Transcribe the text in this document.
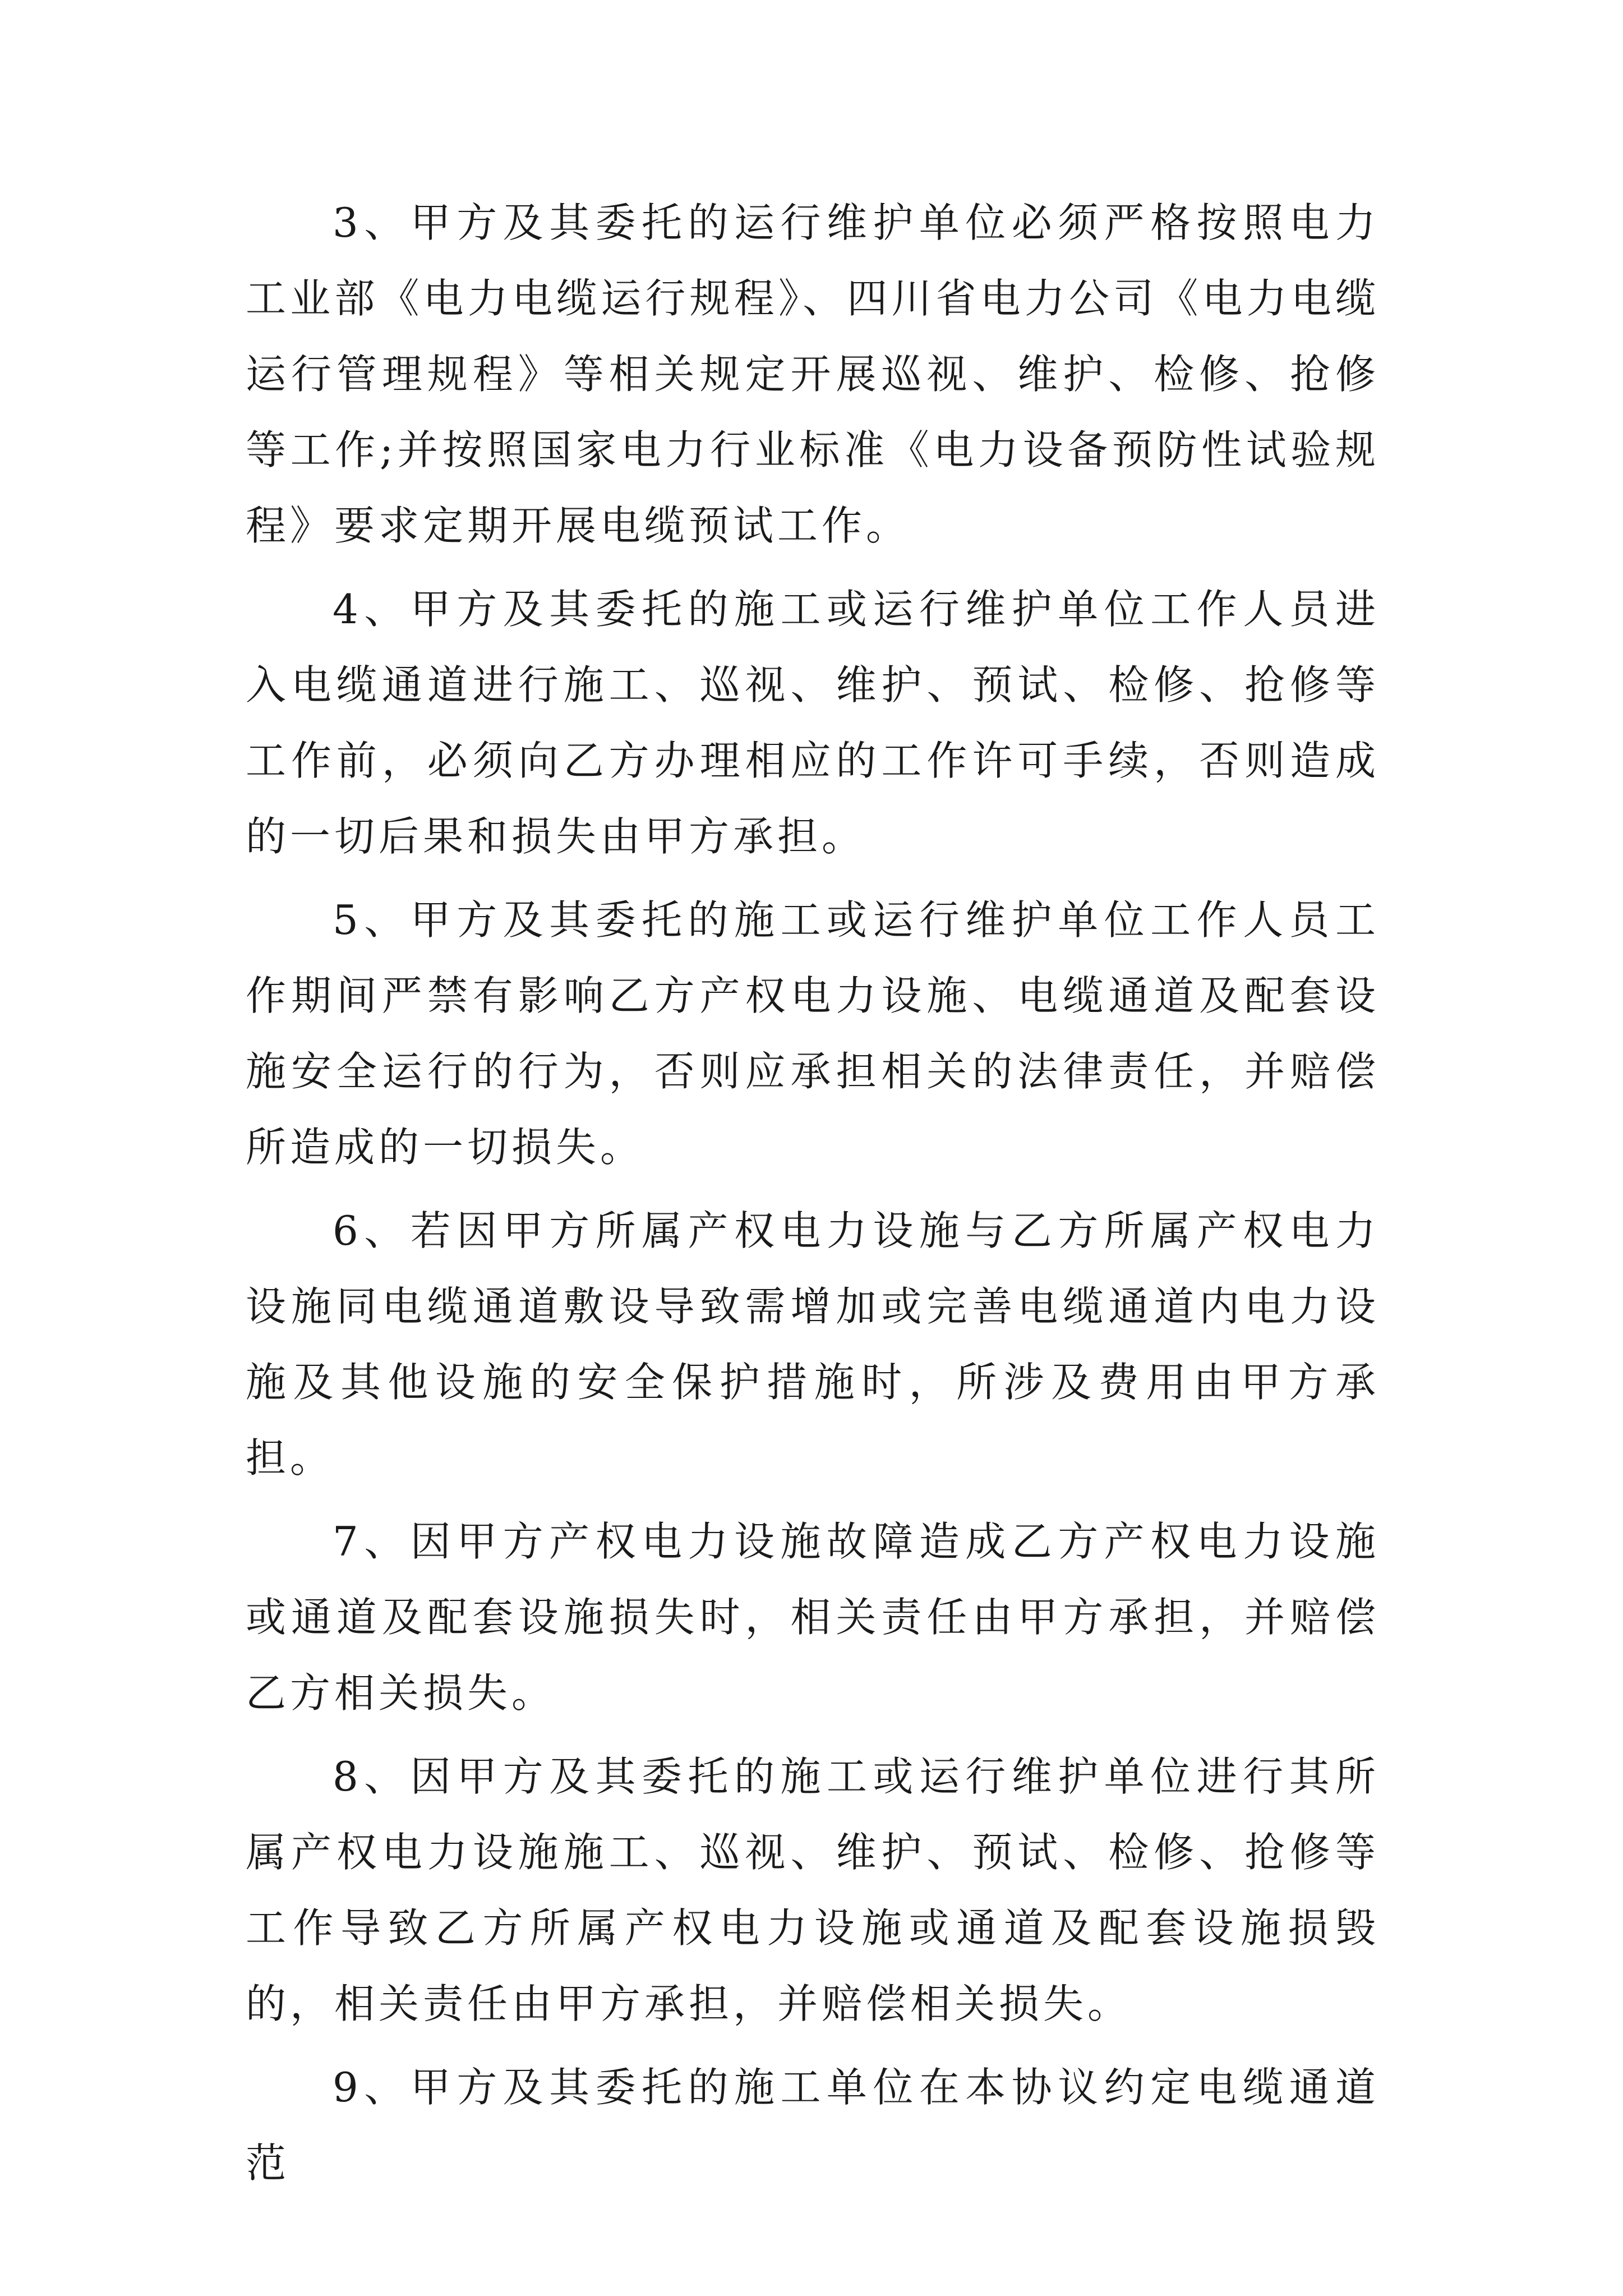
3、甲方及其委托的运行维护单位必须严格按照电力工业部《电力电缆运行规程》、四川省电力公司《电力电缆运行管理规程》等相关规定开展巡视、维护、检修、抢修等工作;并按照国家电力行业标准《电力设备预防性试验规程》要求定期开展电缆预试工作。

4、甲方及其委托的施工或运行维护单位工作人员进入电缆通道进行施工、巡视、维护、预试、检修、抢修等工作前，必须向乙方办理相应的工作许可手续，否则造成的一切后果和损失由甲方承担。

5、甲方及其委托的施工或运行维护单位工作人员工作期间严禁有影响乙方产权电力设施、电缆通道及配套设施安全运行的行为，否则应承担相关的法律责任，并赔偿所造成的一切损失。

6、若因甲方所属产权电力设施与乙方所属产权电力设施同电缆通道敷设导致需增加或完善电缆通道内电力设施及其他设施的安全保护措施时，所涉及费用由甲方承担。

7、因甲方产权电力设施故障造成乙方产权电力设施或通道及配套设施损失时，相关责任由甲方承担，并赔偿乙方相关损失。

8、因甲方及其委托的施工或运行维护单位进行其所属产权电力设施施工、巡视、维护、预试、检修、抢修等工作导致乙方所属产权电力设施或通道及配套设施损毁的，相关责任由甲方承担，并赔偿相关损失。

9、甲方及其委托的施工单位在本协议约定电缆通道范
